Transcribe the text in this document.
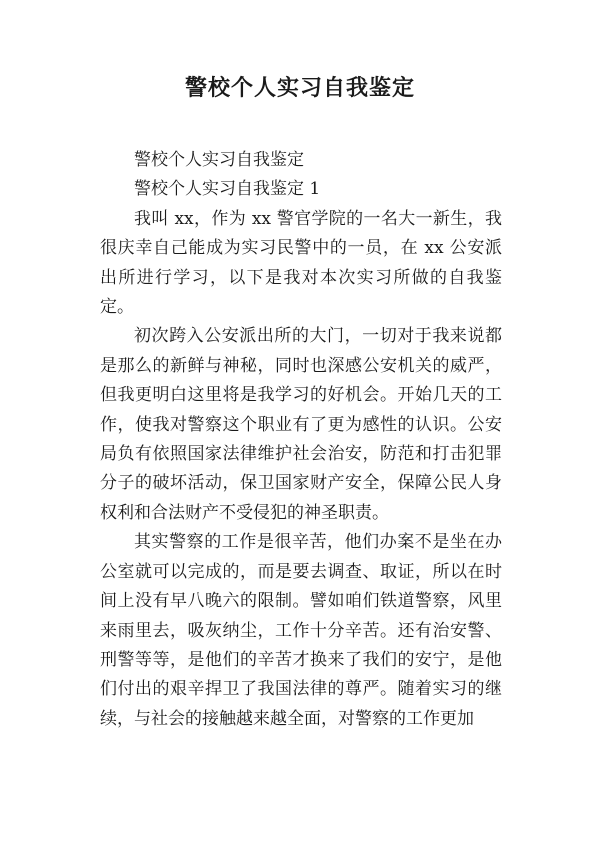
警校个人实习自我鉴定

警校个人实习自我鉴定

警校个人实习自我鉴定 1

我叫 xx，作为 xx 警官学院的一名大一新生，我很庆幸自己能成为实习民警中的一员，在 xx 公安派出所进行学习，以下是我对本次实习所做的自我鉴定。

初次跨入公安派出所的大门，一切对于我来说都是那么的新鲜与神秘，同时也深感公安机关的威严，但我更明白这里将是我学习的好机会。开始几天的工作，使我对警察这个职业有了更为感性的认识。公安局负有依照国家法律维护社会治安，防范和打击犯罪分子的破坏活动，保卫国家财产安全，保障公民人身权利和合法财产不受侵犯的神圣职责。

其实警察的工作是很辛苦，他们办案不是坐在办公室就可以完成的，而是要去调查、取证，所以在时间上没有早八晚六的限制。譬如咱们铁道警察，风里来雨里去，吸灰纳尘，工作十分辛苦。还有治安警、刑警等等，是他们的辛苦才换来了我们的安宁，是他们付出的艰辛捍卫了我国法律的尊严。随着实习的继续，与社会的接触越来越全面，对警察的工作更加
